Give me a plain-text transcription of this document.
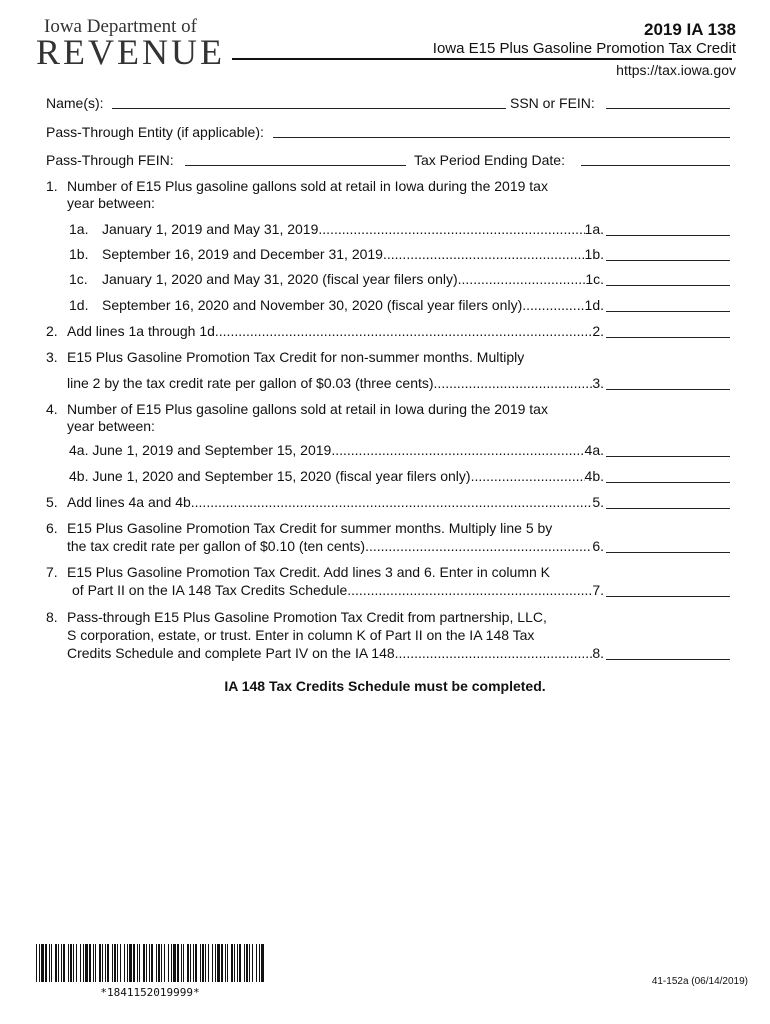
Iowa Department of
REVENUE
2019 IA 138
Iowa E15 Plus Gasoline Promotion Tax Credit
https://tax.iowa.gov
Name(s):	SSN or FEIN:
Pass-Through Entity (if applicable):
Pass-Through FEIN:	Tax Period Ending Date:
1. Number of E15 Plus gasoline gallons sold at retail in Iowa during the 2019 tax
year between:
1a. January 1, 2019 and May 31, 2019 .....	1a.
1b. September 16, 2019 and December 31, 2019 .....	1b.
1c. January 1, 2020 and May 31, 2020 (fiscal year filers only) .....	1c.
1d. September 16, 2020 and November 30, 2020 (fiscal year filers only) .....	1d.
2. Add lines 1a through 1d .....	2.
3. E15 Plus Gasoline Promotion Tax Credit for non-summer months. Multiply
line 2 by the tax credit rate per gallon of $0.03 (three cents) .....	3.
4. Number of E15 Plus gasoline gallons sold at retail in Iowa during the 2019 tax
year between:
4a. June 1, 2019 and September 15, 2019 .....	4a.
4b. June 1, 2020 and September 15, 2020 (fiscal year filers only) .....	4b.
5. Add lines 4a and 4b .....	5.
6. E15 Plus Gasoline Promotion Tax Credit for summer months. Multiply line 5 by
the tax credit rate per gallon of $0.10 (ten cents) .....	6.
7. E15 Plus Gasoline Promotion Tax Credit. Add lines 3 and 6. Enter in column K
of Part II on the IA 148 Tax Credits Schedule .....	7.
8. Pass-through E15 Plus Gasoline Promotion Tax Credit from partnership, LLC,
S corporation, estate, or trust. Enter in column K of Part II on the IA 148 Tax
Credits Schedule and complete Part IV on the IA 148 .....	8.
IA 148 Tax Credits Schedule must be completed.
*1841152019999*
41-152a (06/14/2019)
